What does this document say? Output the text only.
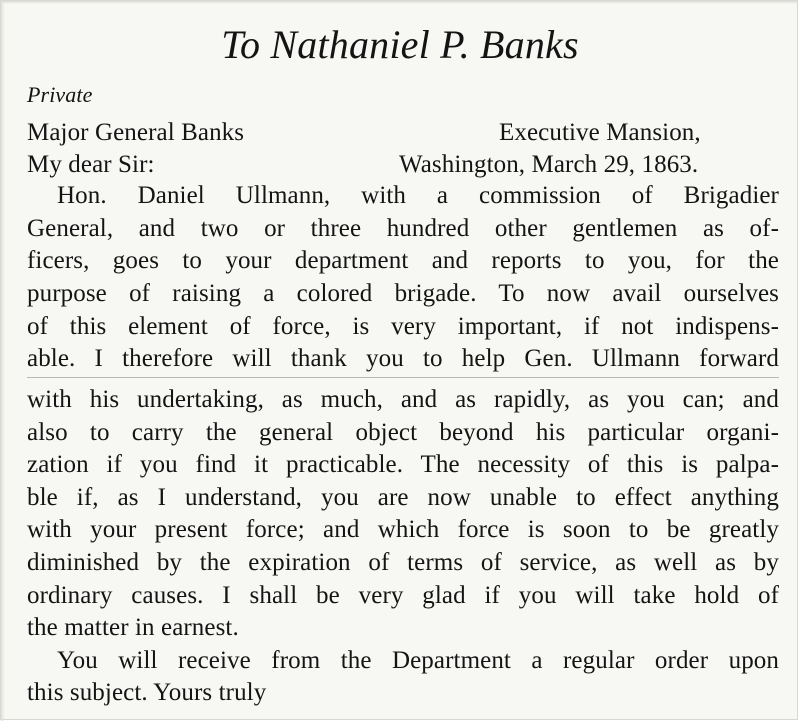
To Nathaniel P. Banks
Private
Major General Banks	Executive Mansion,
My dear Sir:	Washington, March 29, 1863.
Hon. Daniel Ullmann, with a commission of Brigadier
General, and two or three hundred other gentlemen as of-
ficers, goes to your department and reports to you, for the
purpose of raising a colored brigade. To now avail ourselves
of this element of force, is very important, if not indispens-
able. I therefore will thank you to help Gen. Ullmann forward
with his undertaking, as much, and as rapidly, as you can; and
also to carry the general object beyond his particular organi-
zation if you find it practicable. The necessity of this is palpa-
ble if, as I understand, you are now unable to effect anything
with your present force; and which force is soon to be greatly
diminished by the expiration of terms of service, as well as by
ordinary causes. I shall be very glad if you will take hold of
the matter in earnest.
You will receive from the Department a regular order upon
this subject. Yours truly
